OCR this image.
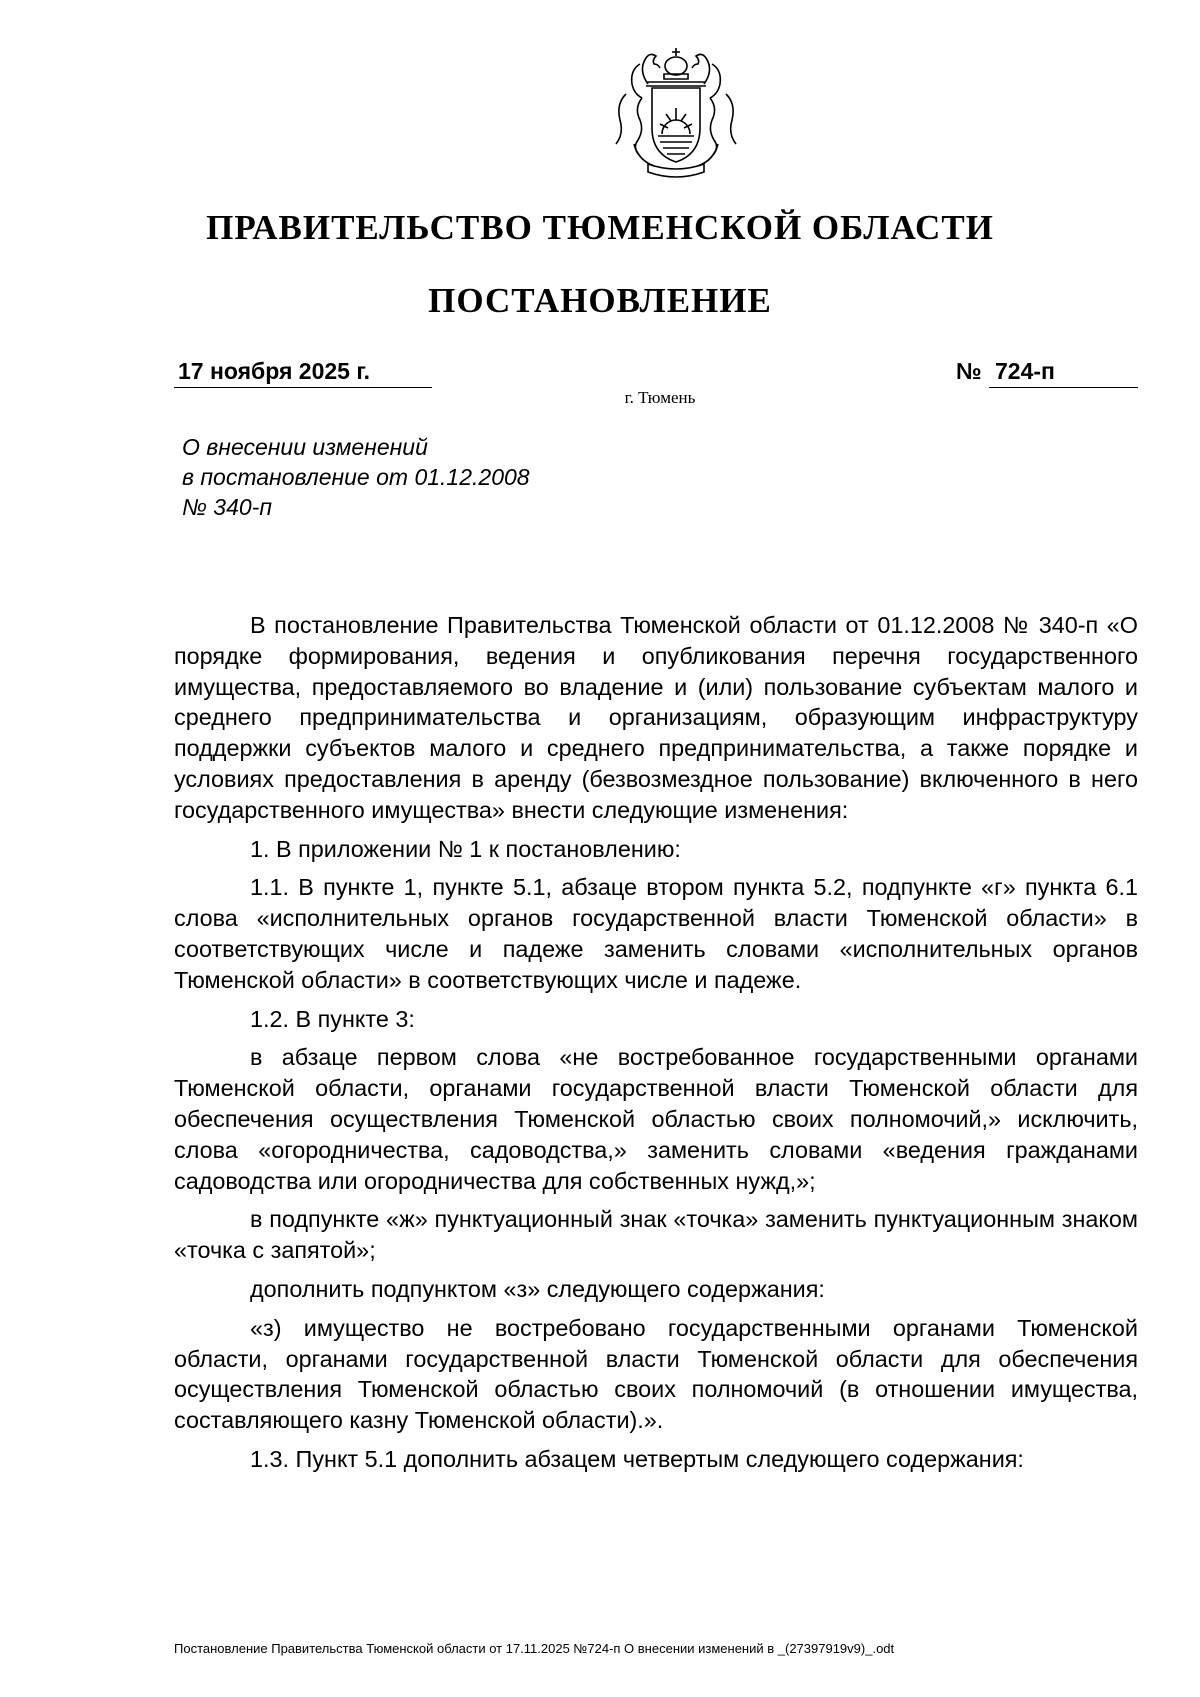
ПРАВИТЕЛЬСТВО ТЮМЕНСКОЙ ОБЛАСТИ
ПОСТАНОВЛЕНИЕ
17 ноября 2025 г.	№ 724-п
г. Тюмень
О внесении изменений
в постановление от 01.12.2008
№ 340-п

В постановление Правительства Тюменской области от 01.12.2008 № 340-п «О порядке формирования, ведения и опубликования перечня государственного имущества, предоставляемого во владение и (или) пользование субъектам малого и среднего предпринимательства и организациям, образующим инфраструктуру поддержки субъектов малого и среднего предпринимательства, а также порядке и условиях предоставления в аренду (безвозмездное пользование) включенного в него государственного имущества» внести следующие изменения:

1. В приложении № 1 к постановлению:

1.1. В пункте 1, пункте 5.1, абзаце втором пункта 5.2, подпункте «г» пункта 6.1 слова «исполнительных органов государственной власти Тюменской области» в соответствующих числе и падеже заменить словами «исполнительных органов Тюменской области» в соответствующих числе и падеже.

1.2. В пункте 3:

в абзаце первом слова «не востребованное государственными органами Тюменской области, органами государственной власти Тюменской области для обеспечения осуществления Тюменской областью своих полномочий,» исключить, слова «огородничества, садоводства,» заменить словами «ведения гражданами садоводства или огородничества для собственных нужд,»;

в подпункте «ж» пунктуационный знак «точка» заменить пунктуационным знаком «точка с запятой»;

дополнить подпунктом «з» следующего содержания:

«з) имущество не востребовано государственными органами Тюменской области, органами государственной власти Тюменской области для обеспечения осуществления Тюменской областью своих полномочий (в отношении имущества, составляющего казну Тюменской области).».

1.3. Пункт 5.1 дополнить абзацем четвертым следующего содержания:

Постановление Правительства Тюменской области от 17.11.2025 №724-п О внесении изменений в _(27397919v9)_.odt
